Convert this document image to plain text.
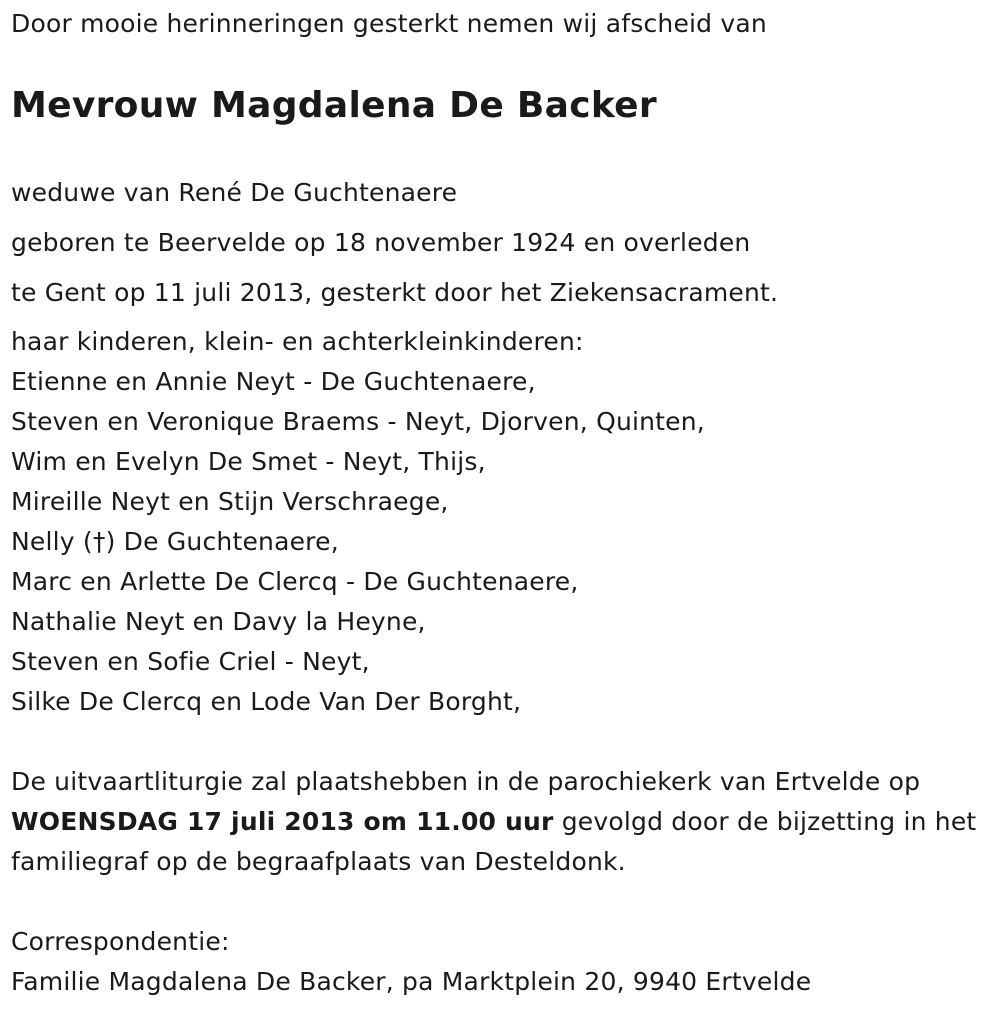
Door mooie herinneringen gesterkt nemen wij afscheid van
Mevrouw Magdalena De Backer
weduwe van René De Guchtenaere
geboren te Beervelde op 18 november 1924 en overleden
te Gent op 11 juli 2013, gesterkt door het Ziekensacrament.
haar kinderen, klein- en achterkleinkinderen:
Etienne en Annie Neyt - De Guchtenaere,
Steven en Veronique Braems - Neyt, Djorven, Quinten,
Wim en Evelyn De Smet - Neyt, Thijs,
Mireille Neyt en Stijn Verschraege,
Nelly (†) De Guchtenaere,
Marc en Arlette De Clercq - De Guchtenaere,
Nathalie Neyt en Davy la Heyne,
Steven en Sofie Criel - Neyt,
Silke De Clercq en Lode Van Der Borght,
De uitvaartliturgie zal plaatshebben in de parochiekerk van Ertvelde op
WOENSDAG 17 juli 2013 om 11.00 uur gevolgd door de bijzetting in het
familiegraf op de begraafplaats van Desteldonk.
Correspondentie:
Familie Magdalena De Backer, pa Marktplein 20, 9940 Ertvelde
